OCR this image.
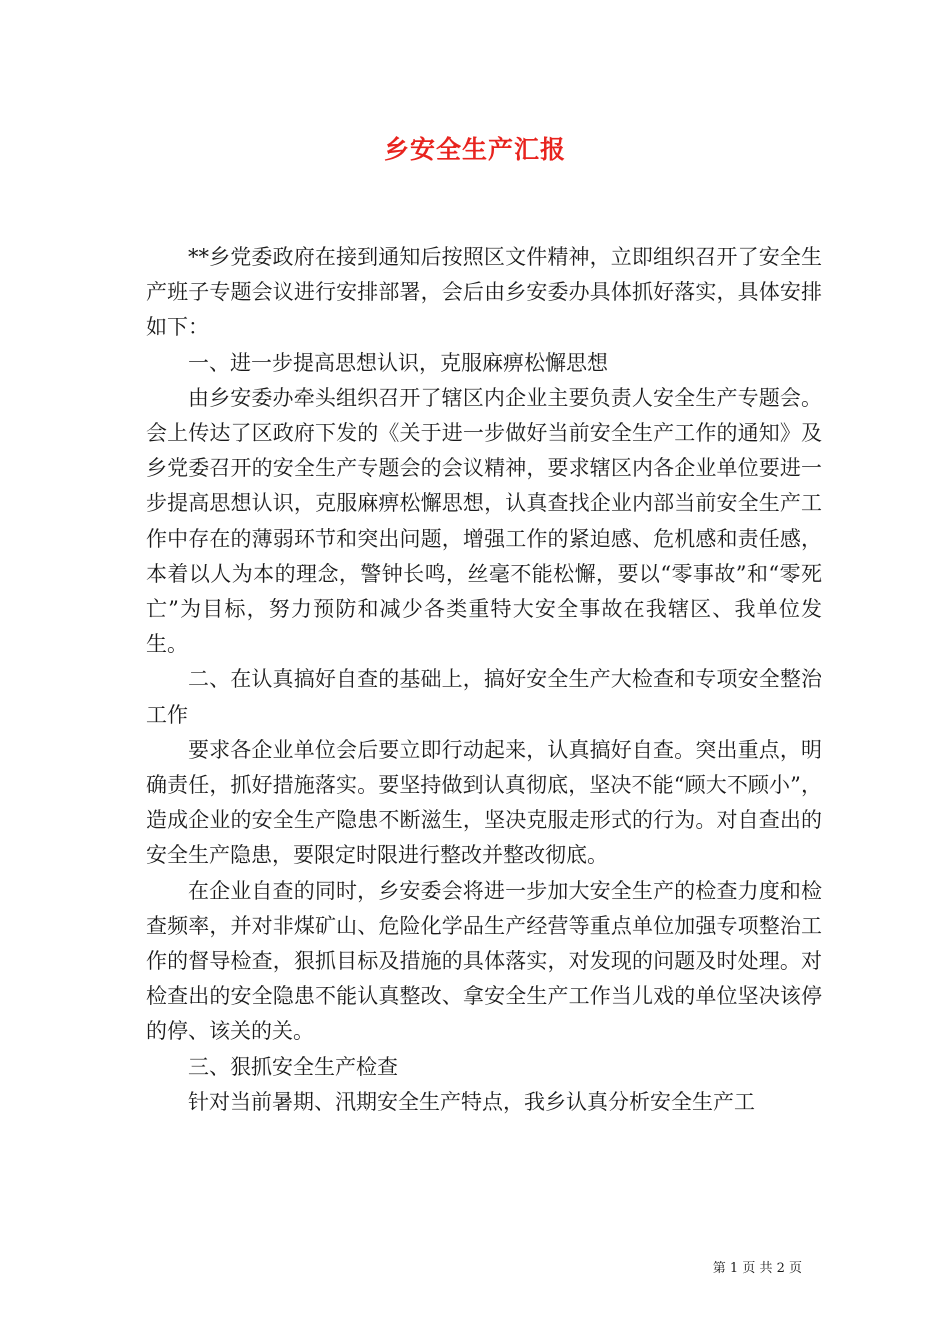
乡安全生产汇报

**乡党委政府在接到通知后按照区文件精神，立即组织召开了安全生产班子专题会议进行安排部署，会后由乡安委办具体抓好落实，具体安排如下：

一、进一步提高思想认识，克服麻痹松懈思想

由乡安委办牵头组织召开了辖区内企业主要负责人安全生产专题会。会上传达了区政府下发的《关于进一步做好当前安全生产工作的通知》及乡党委召开的安全生产专题会的会议精神，要求辖区内各企业单位要进一步提高思想认识，克服麻痹松懈思想，认真查找企业内部当前安全生产工作中存在的薄弱环节和突出问题，增强工作的紧迫感、危机感和责任感，本着以人为本的理念，警钟长鸣，丝毫不能松懈，要以“零事故”和“零死亡”为目标，努力预防和减少各类重特大安全事故在我辖区、我单位发生。

二、在认真搞好自查的基础上，搞好安全生产大检查和专项安全整治工作

要求各企业单位会后要立即行动起来，认真搞好自查。突出重点，明确责任，抓好措施落实。要坚持做到认真彻底，坚决不能“顾大不顾小”，造成企业的安全生产隐患不断滋生，坚决克服走形式的行为。对自查出的安全生产隐患，要限定时限进行整改并整改彻底。

在企业自查的同时，乡安委会将进一步加大安全生产的检查力度和检查频率，并对非煤矿山、危险化学品生产经营等重点单位加强专项整治工作的督导检查，狠抓目标及措施的具体落实，对发现的问题及时处理。对检查出的安全隐患不能认真整改、拿安全生产工作当儿戏的单位坚决该停的停、该关的关。

三、狠抓安全生产检查

针对当前暑期、汛期安全生产特点，我乡认真分析安全生产工

第 1 页 共 2 页
